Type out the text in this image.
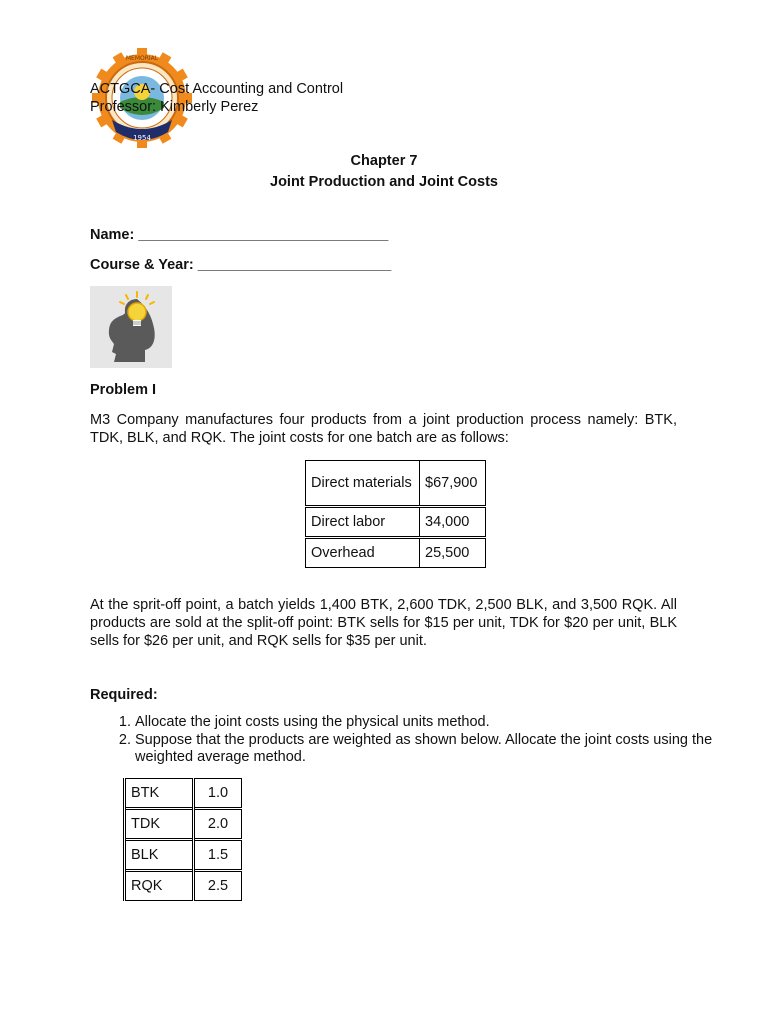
MEMORIAL
1954
ACTGCA- Cost Accounting and Control
Professor: Kimberly Perez
Chapter 7
Joint Production and Joint Costs
Name: _______________________________
Course & Year: ________________________
Problem I
M3 Company manufactures four products from a joint production process namely: BTK, TDK, BLK, and RQK. The joint costs for one batch are as follows:
Direct materials	$67,900
Direct labor	34,000
Overhead	25,500
At the sprit-off point, a batch yields 1,400 BTK, 2,600 TDK, 2,500 BLK, and 3,500 RQK. All products are sold at the split-off point: BTK sells for $15 per unit, TDK for $20 per unit, BLK sells for $26 per unit, and RQK sells for $35 per unit.
Required:
1. Allocate the joint costs using the physical units method.
2. Suppose that the products are weighted as shown below. Allocate the joint costs using the weighted average method.
BTK	1.0
TDK	2.0
BLK	1.5
RQK	2.5
